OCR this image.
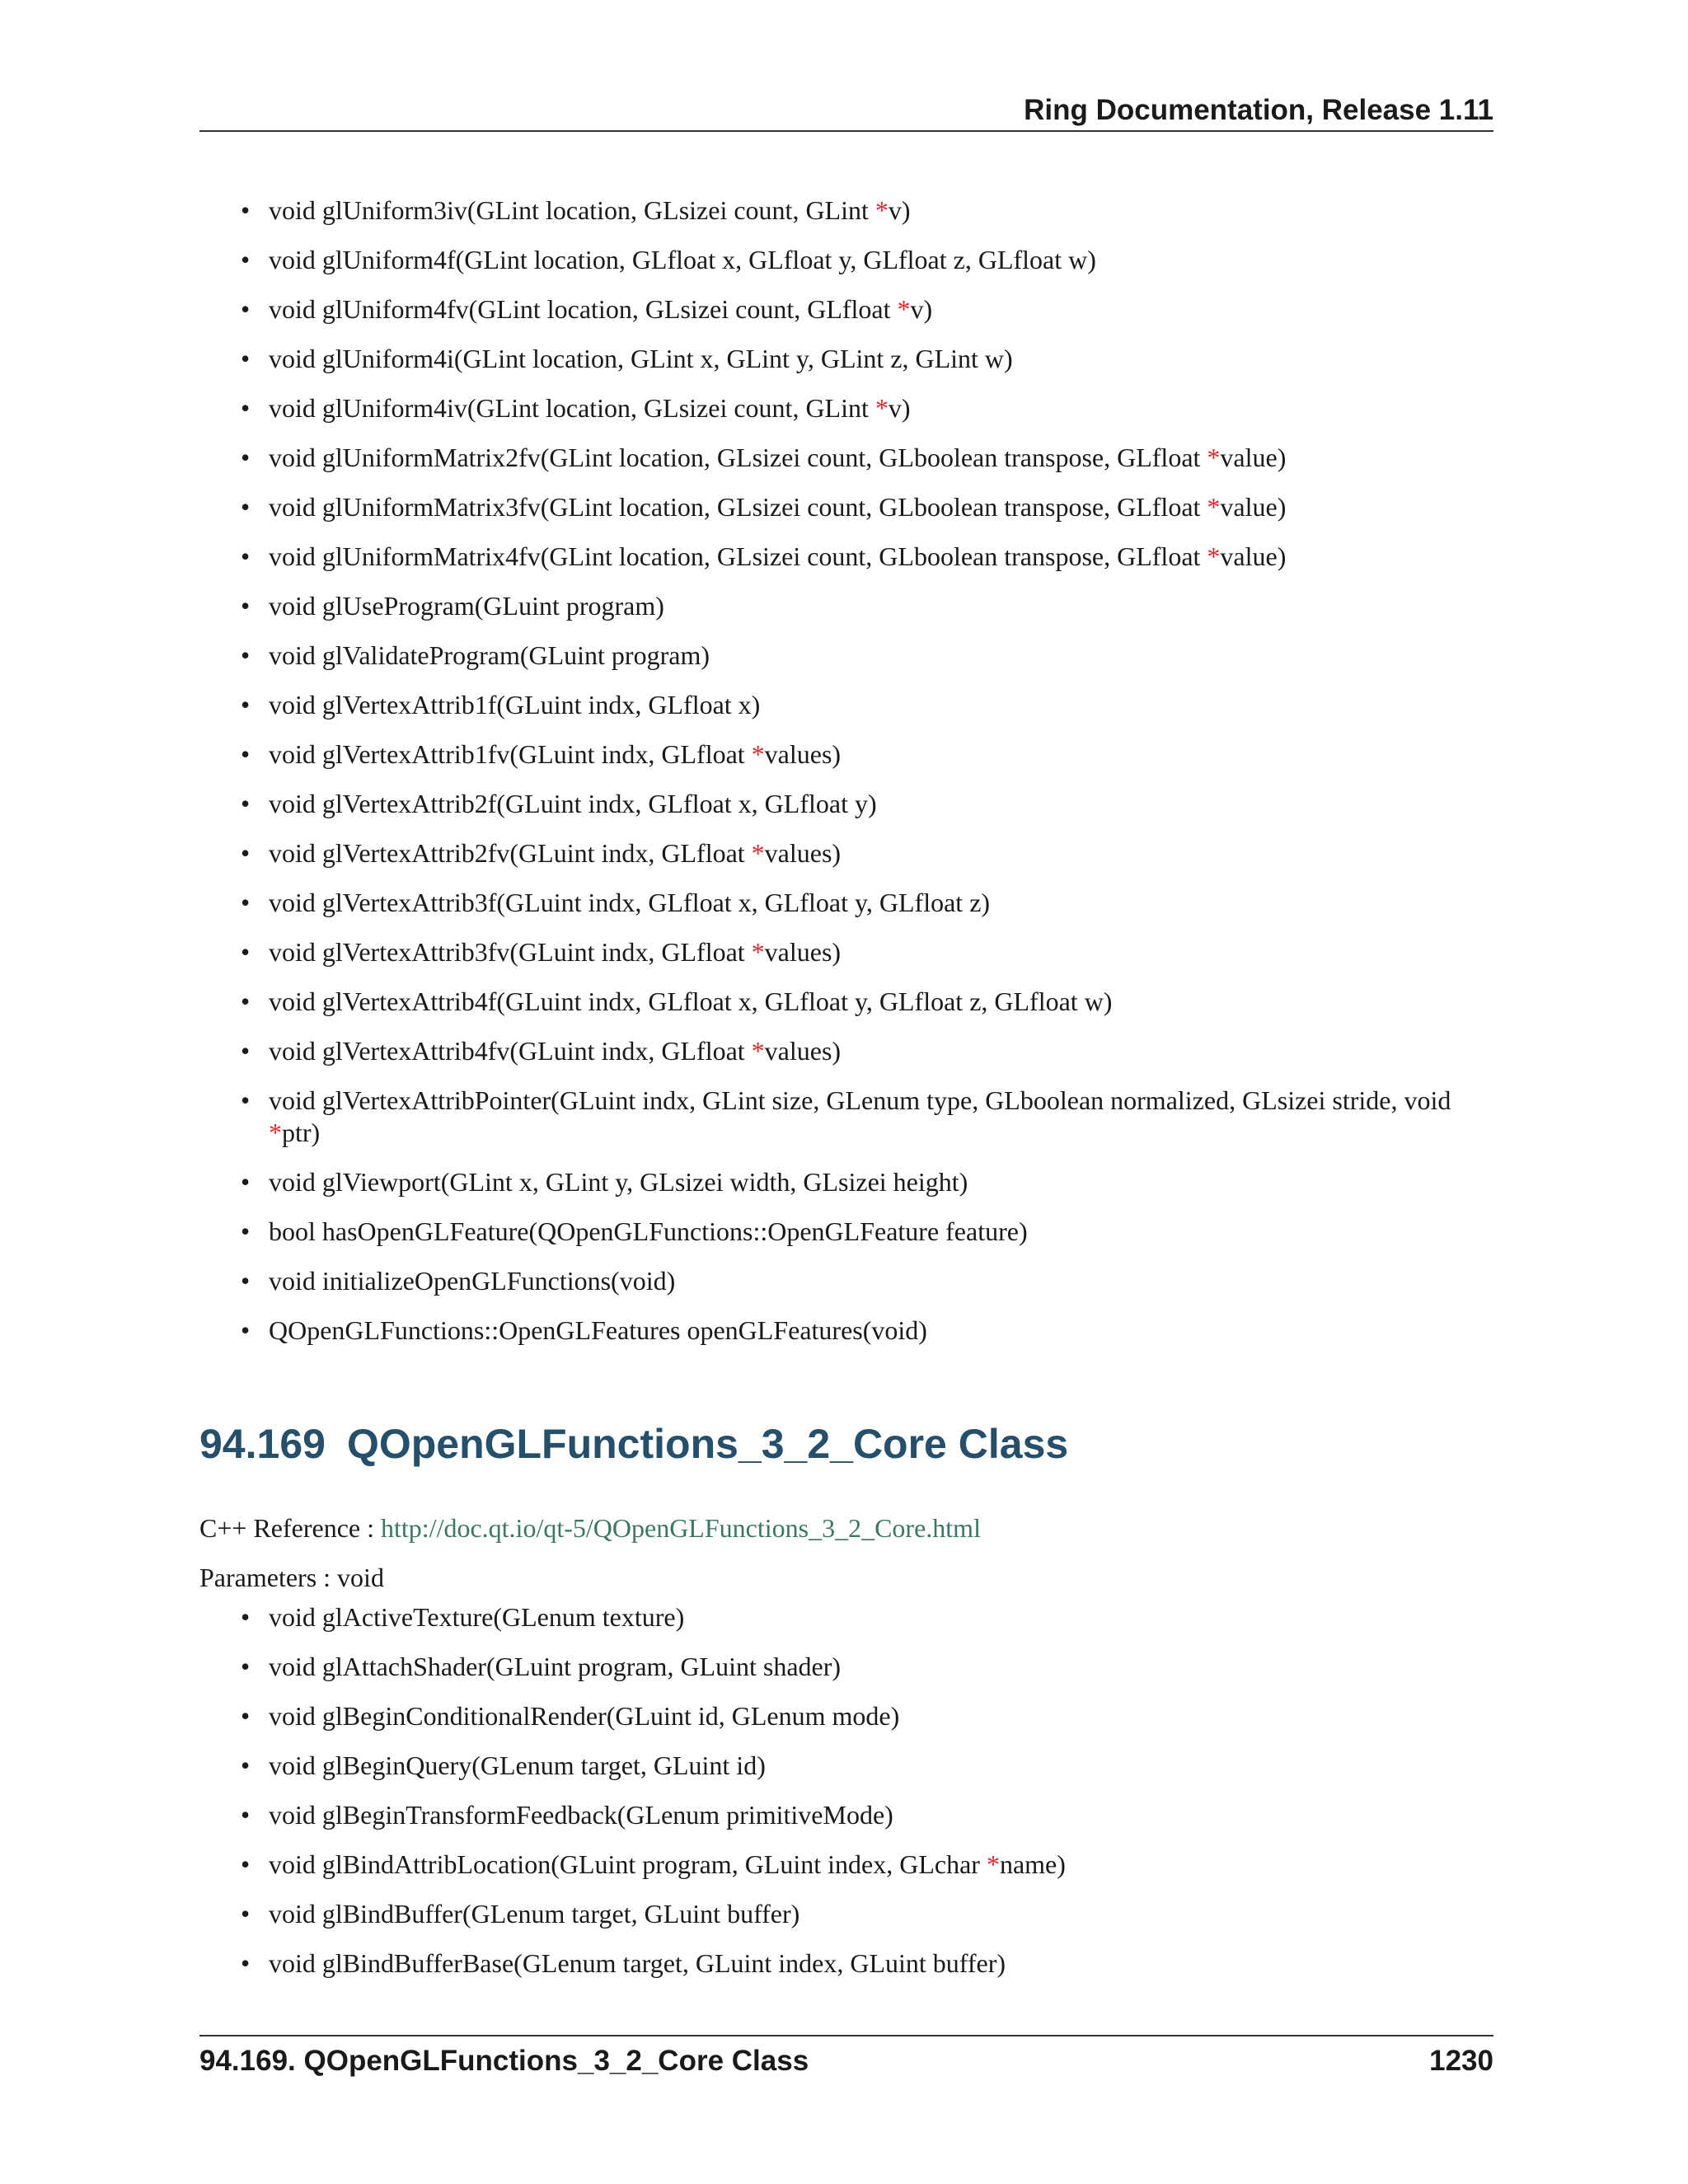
Ring Documentation, Release 1.11
• void glUniform3iv(GLint location, GLsizei count, GLint *v)
• void glUniform4f(GLint location, GLfloat x, GLfloat y, GLfloat z, GLfloat w)
• void glUniform4fv(GLint location, GLsizei count, GLfloat *v)
• void glUniform4i(GLint location, GLint x, GLint y, GLint z, GLint w)
• void glUniform4iv(GLint location, GLsizei count, GLint *v)
• void glUniformMatrix2fv(GLint location, GLsizei count, GLboolean transpose, GLfloat *value)
• void glUniformMatrix3fv(GLint location, GLsizei count, GLboolean transpose, GLfloat *value)
• void glUniformMatrix4fv(GLint location, GLsizei count, GLboolean transpose, GLfloat *value)
• void glUseProgram(GLuint program)
• void glValidateProgram(GLuint program)
• void glVertexAttrib1f(GLuint indx, GLfloat x)
• void glVertexAttrib1fv(GLuint indx, GLfloat *values)
• void glVertexAttrib2f(GLuint indx, GLfloat x, GLfloat y)
• void glVertexAttrib2fv(GLuint indx, GLfloat *values)
• void glVertexAttrib3f(GLuint indx, GLfloat x, GLfloat y, GLfloat z)
• void glVertexAttrib3fv(GLuint indx, GLfloat *values)
• void glVertexAttrib4f(GLuint indx, GLfloat x, GLfloat y, GLfloat z, GLfloat w)
• void glVertexAttrib4fv(GLuint indx, GLfloat *values)
• void glVertexAttribPointer(GLuint indx, GLint size, GLenum type, GLboolean normalized, GLsizei stride, void *ptr)
• void glViewport(GLint x, GLint y, GLsizei width, GLsizei height)
• bool hasOpenGLFeature(QOpenGLFunctions::OpenGLFeature feature)
• void initializeOpenGLFunctions(void)
• QOpenGLFunctions::OpenGLFeatures openGLFeatures(void)
94.169 QOpenGLFunctions_3_2_Core Class

C++ Reference : http://doc.qt.io/qt-5/QOpenGLFunctions_3_2_Core.html

Parameters : void

• void glActiveTexture(GLenum texture)
• void glAttachShader(GLuint program, GLuint shader)
• void glBeginConditionalRender(GLuint id, GLenum mode)
• void glBeginQuery(GLenum target, GLuint id)
• void glBeginTransformFeedback(GLenum primitiveMode)
• void glBindAttribLocation(GLuint program, GLuint index, GLchar *name)
• void glBindBuffer(GLenum target, GLuint buffer)
• void glBindBufferBase(GLenum target, GLuint index, GLuint buffer)
94.169. QOpenGLFunctions_3_2_Core Class	1230
